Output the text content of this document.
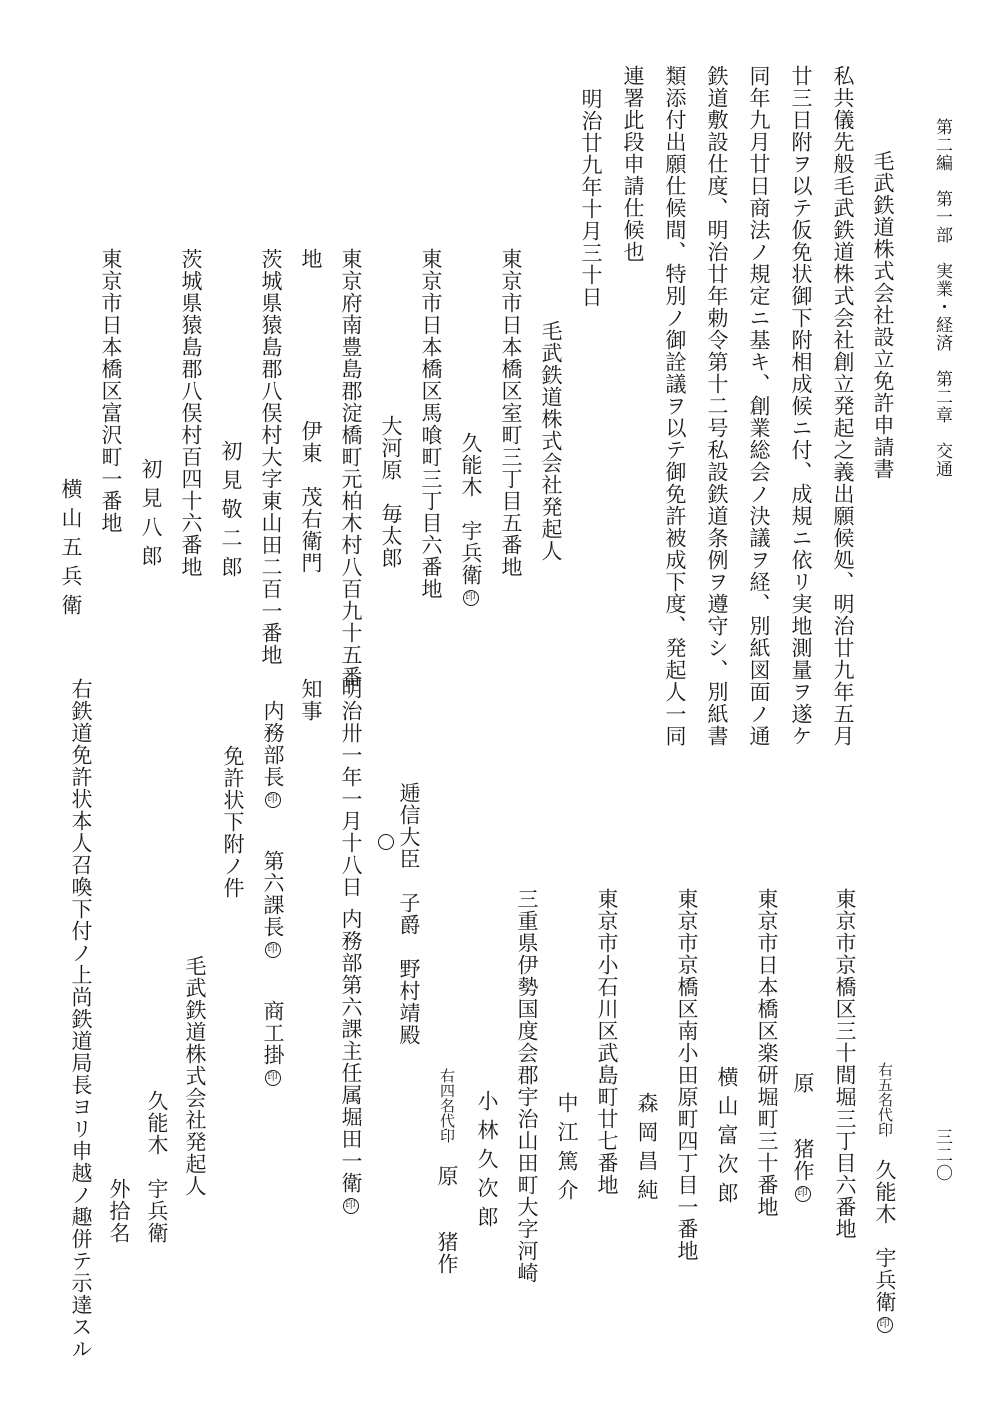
第二編　第一部　実業・経済　第二章　交通
三二〇
毛武鉄道株式会社設立免許申請書
私共儀先般毛武鉄道株式会社創立発起之義出願候処、明治廿九年五月
廿三日附ヲ以テ仮免状御下附相成候ニ付、成規ニ依リ実地測量ヲ遂ケ
同年九月廿日商法ノ規定ニ基キ、創業総会ノ決議ヲ経、別紙図面ノ通
鉄道敷設仕度、明治廿年勅令第十二号私設鉄道条例ヲ遵守シ、別紙書
類添付出願仕候間、特別ノ御詮議ヲ以テ御免許被成下度、発起人一同
連署此段申請仕候也
明治廿九年十月三十日
毛武鉄道株式会社発起人
東京市日本橋区室町三丁目五番地
久能木　宇兵衛印
東京市日本橋区馬喰町三丁目六番地
大河原　毎太郎
東京府南豊島郡淀橋町元柏木村八百九十五番
地
伊東　茂右衛門
茨城県猿島郡八俣村大字東山田二百一番地
初見敬二郎
茨城県猿島郡八俣村百四十六番地
初見八郎
東京市日本橋区富沢町一番地
横山五兵衛
右五名代印　久能木　宇兵衛印
東京市京橋区三十間堀三丁目六番地
原　　猪作印
東京市日本橋区楽研堀町三十番地
横山富次郎
東京市京橋区南小田原町四丁目一番地
森岡昌純
東京市小石川区武島町廿七番地
中江篤介
三重県伊勢国度会郡宇治山田町大字河崎
小林久次郎
右四名代印　原　　猪作
逓信大臣　子爵　野村靖殿
明治卅一年一月十八日
内務部第六課主任属堀田一衛印
知事
内務部長印
第六課長印
商工掛印
免許状下附ノ件
毛武鉄道株式会社発起人
久能木　宇兵衛
外拾名
右鉄道免許状本人召喚下付ノ上尚鉄道局長ヨリ申越ノ趣併テ示達スル
